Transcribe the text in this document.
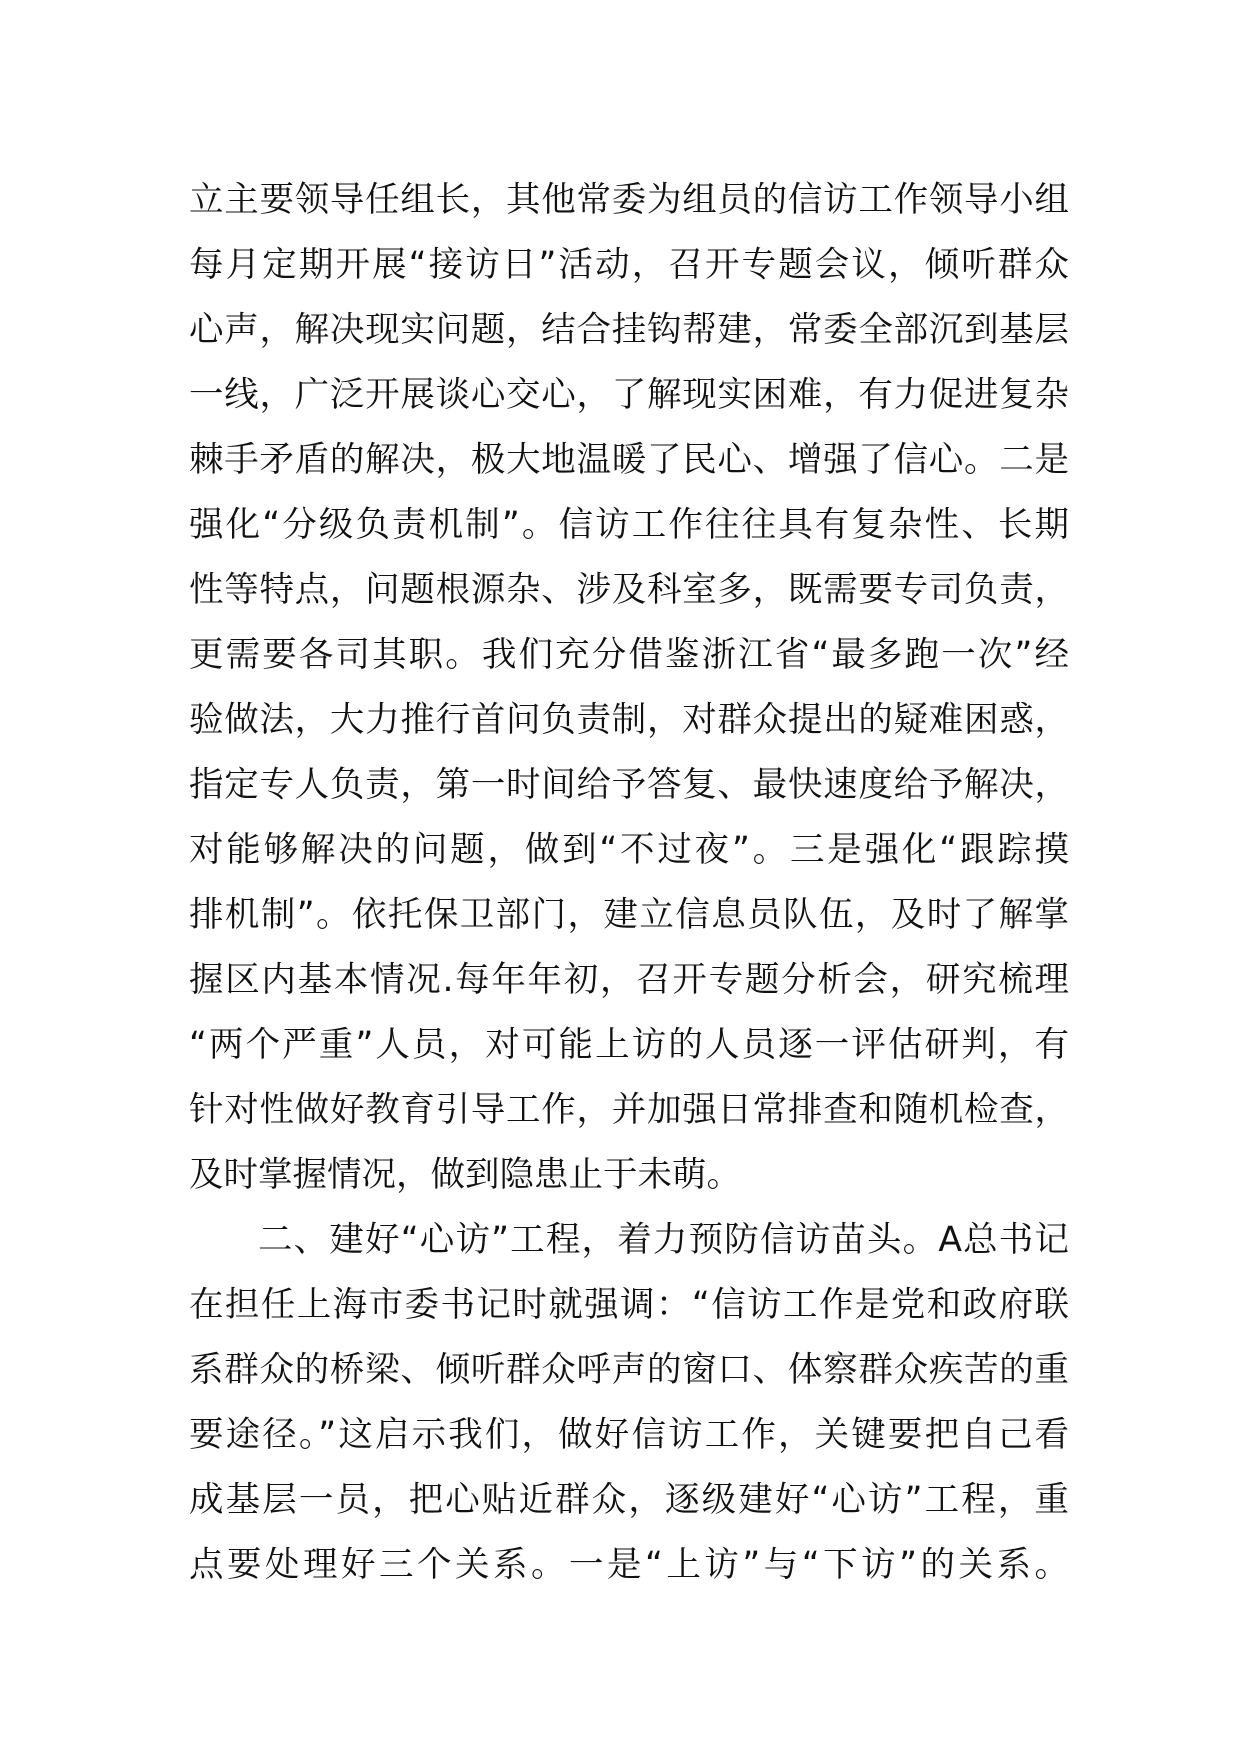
立主要领导任组长，其他常委为组员的信访工作领导小组
每月定期开展“接访日”活动，召开专题会议，倾听群众
心声，解决现实问题，结合挂钩帮建，常委全部沉到基层
一线，广泛开展谈心交心，了解现实困难，有力促进复杂
棘手矛盾的解决，极大地温暖了民心、增强了信心。二是
强化“分级负责机制”。信访工作往往具有复杂性、长期
性等特点，问题根源杂、涉及科室多，既需要专司负责，
更需要各司其职。我们充分借鉴浙江省“最多跑一次”经
验做法，大力推行首问负责制，对群众提出的疑难困惑，
指定专人负责，第一时间给予答复、最快速度给予解决，
对能够解决的问题，做到“不过夜”。三是强化“跟踪摸
排机制”。依托保卫部门，建立信息员队伍，及时了解掌
握区内基本情况.每年年初，召开专题分析会，研究梳理
“两个严重”人员，对可能上访的人员逐一评估研判，有
针对性做好教育引导工作，并加强日常排查和随机检查，
及时掌握情况，做到隐患止于未萌。
二、建好“心访”工程，着力预防信访苗头。A总书记
在担任上海市委书记时就强调：“信访工作是党和政府联
系群众的桥梁、倾听群众呼声的窗口、体察群众疾苦的重
要途径。”这启示我们，做好信访工作，关键要把自己看
成基层一员，把心贴近群众，逐级建好“心访”工程，重
点要处理好三个关系。一是“上访”与“下访”的关系。
